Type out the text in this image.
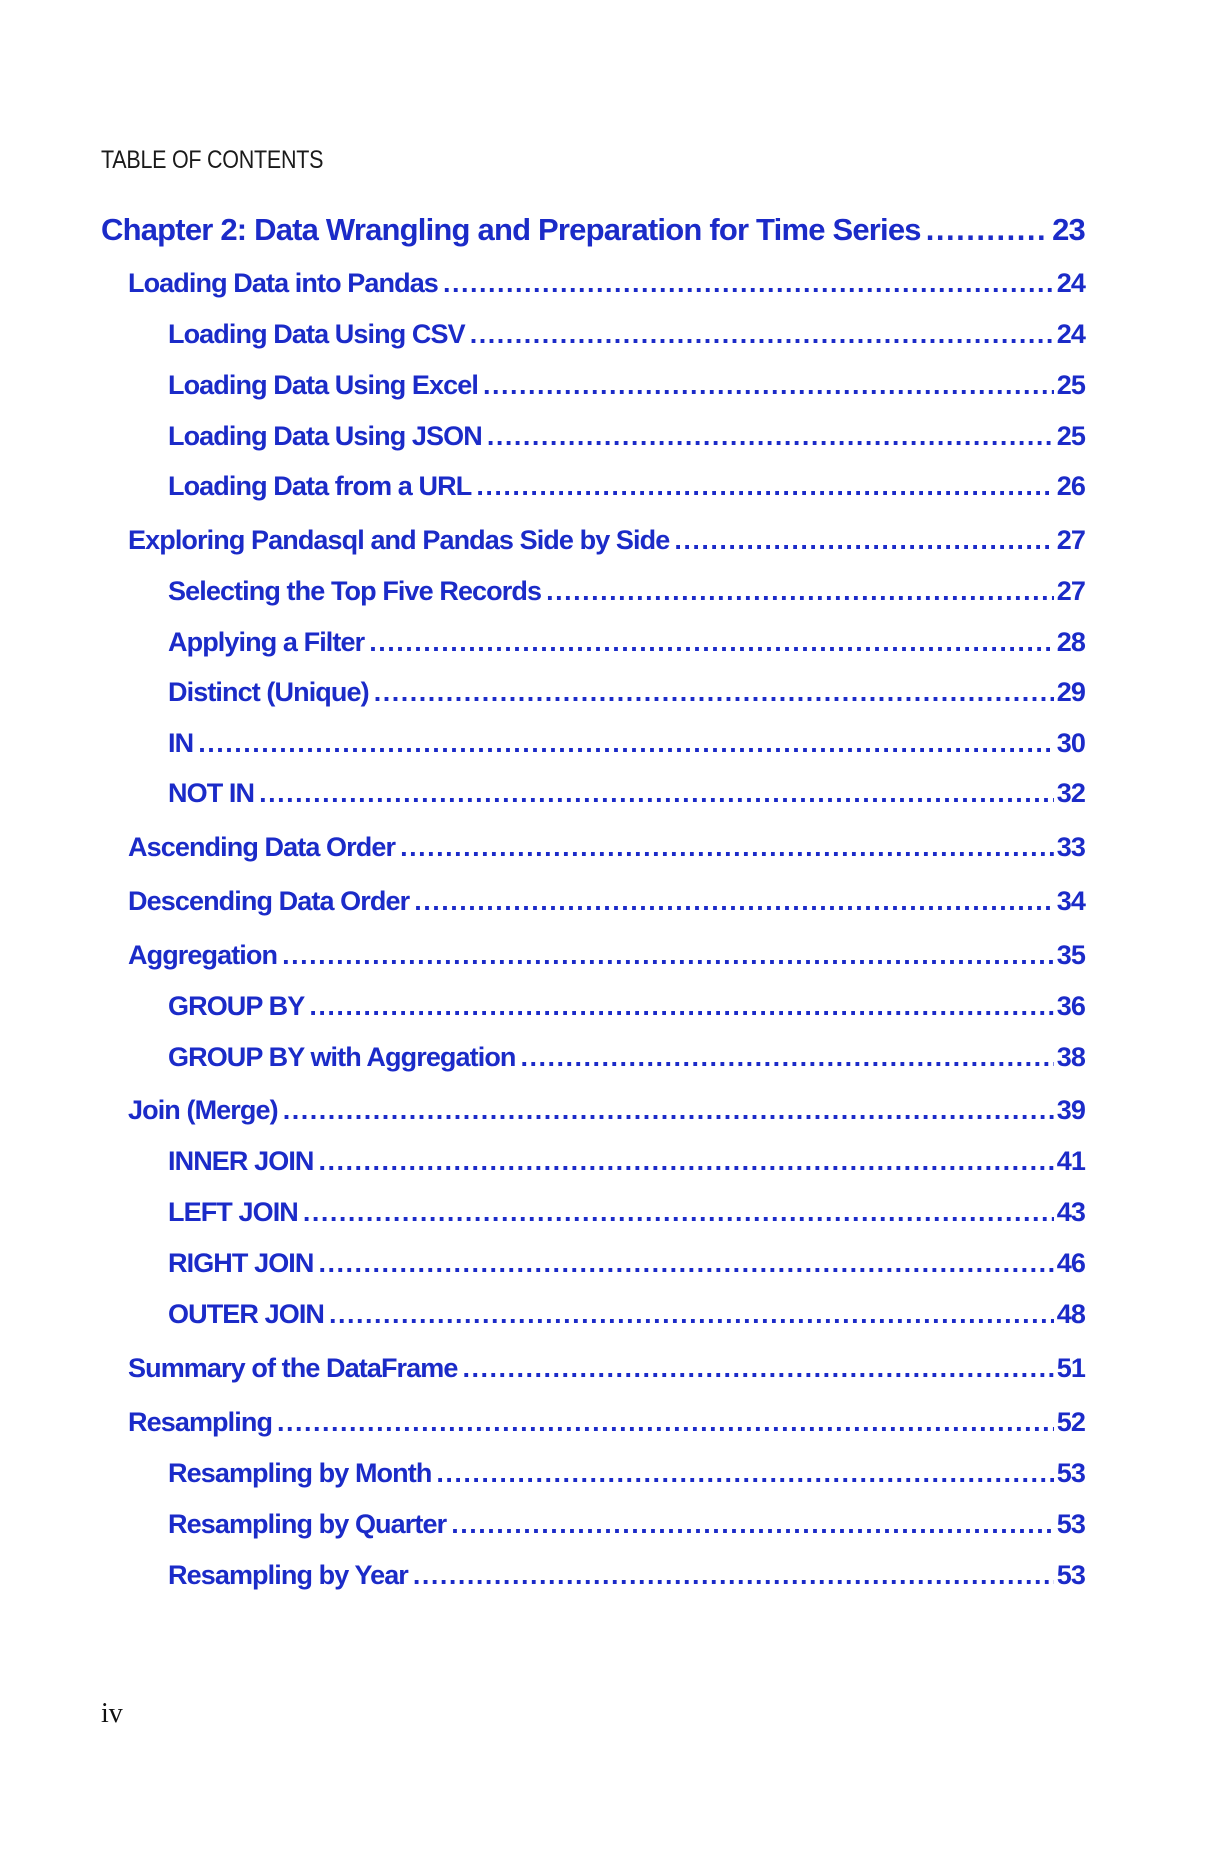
TABLE OF CONTENTS
Chapter 2: Data Wrangling and Preparation for Time Series .....	23
Loading Data into Pandas .....	24
Loading Data Using CSV .....	24
Loading Data Using Excel .....	25
Loading Data Using JSON .....	25
Loading Data from a URL .....	26
Exploring Pandasql and Pandas Side by Side .....	27
Selecting the Top Five Records .....	27
Applying a Filter .....	28
Distinct (Unique) .....	29
IN .....	30
NOT IN .....	32
Ascending Data Order .....	33
Descending Data Order .....	34
Aggregation .....	35
GROUP BY .....	36
GROUP BY with Aggregation .....	38
Join (Merge) .....	39
INNER JOIN .....	41
LEFT JOIN .....	43
RIGHT JOIN .....	46
OUTER JOIN .....	48
Summary of the DataFrame .....	51
Resampling .....	52
Resampling by Month .....	53
Resampling by Quarter .....	53
Resampling by Year .....	53
iv
